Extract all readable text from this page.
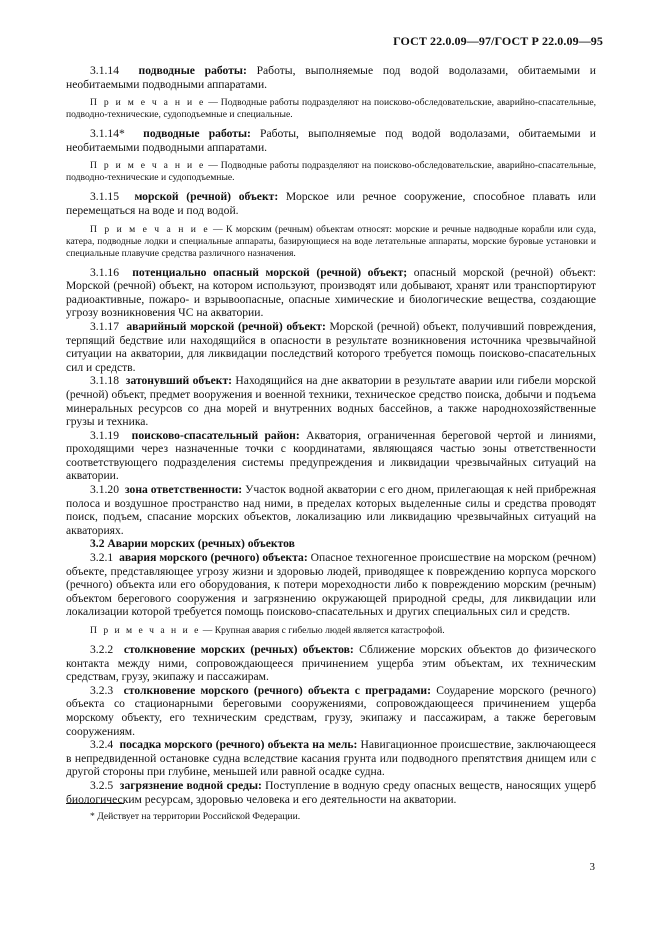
ГОСТ 22.0.09—97/ГОСТ Р 22.0.09—95

3.1.14 подводные работы: Работы, выполняемые под водой водолазами, обитаемыми и необитаемыми подводными аппаратами.

П р и м е ч а н и е — Подводные работы подразделяют на поисково-обследовательские, аварийно-спасательные, подводно-технические, судоподъемные и специальные.

3.1.14* подводные работы: Работы, выполняемые под водой водолазами, обитаемыми и необитаемыми подводными аппаратами.

П р и м е ч а н и е — Подводные работы подразделяют на поисково-обследовательские, аварийно-спасательные, подводно-технические и судоподъемные.

3.1.15 морской (речной) объект: Морское или речное сооружение, способное плавать или перемещаться на воде и под водой.

П р и м е ч а н и е — К морским (речным) объектам относят: морские и речные надводные корабли или суда, катера, подводные лодки и специальные аппараты, базирующиеся на воде летательные аппараты, морские буровые установки и специальные плавучие средства различного назначения.

3.1.16 потенциально опасный морской (речной) объект; опасный морской (речной) объект: Морской (речной) объект, на котором используют, производят или добывают, хранят или транспортируют радиоактивные, пожаро- и взрывоопасные, опасные химические и биологические вещества, создающие угрозу возникновения ЧС на акватории.

3.1.17 аварийный морской (речной) объект: Морской (речной) объект, получивший повреждения, терпящий бедствие или находящийся в опасности в результате возникновения источника чрезвычайной ситуации на акватории, для ликвидации последствий которого требуется помощь поисково-спасательных сил и средств.

3.1.18 затонувший объект: Находящийся на дне акватории в результате аварии или гибели морской (речной) объект, предмет вооружения и военной техники, техническое средство поиска, добычи и подъема минеральных ресурсов со дна морей и внутренних водных бассейнов, а также народнохозяйственные грузы и техника.

3.1.19 поисково-спасательный район: Акватория, ограниченная береговой чертой и линиями, проходящими через назначенные точки с координатами, являющаяся частью зоны ответственности соответствующего подразделения системы предупреждения и ликвидации чрезвычайных ситуаций на акватории.

3.1.20 зона ответственности: Участок водной акватории с его дном, прилегающая к ней прибрежная полоса и воздушное пространство над ними, в пределах которых выделенные силы и средства проводят поиск, подъем, спасание морских объектов, локализацию или ликвидацию чрезвычайных ситуаций на акваториях.

3.2 Аварии морских (речных) объектов

3.2.1 авария морского (речного) объекта: Опасное техногенное происшествие на морском (речном) объекте, представляющее угрозу жизни и здоровью людей, приводящее к повреждению корпуса морского (речного) объекта или его оборудования, к потери мореходности либо к повреждению морским (речным) объектом берегового сооружения и загрязнению окружающей природной среды, для ликвидации или локализации которой требуется помощь поисково-спасательных и других специальных сил и средств.

П р и м е ч а н и е — Крупная авария с гибелью людей является катастрофой.

3.2.2 столкновение морских (речных) объектов: Сближение морских объектов до физического контакта между ними, сопровождающееся причинением ущерба этим объектам, их техническим средствам, грузу, экипажу и пассажирам.

3.2.3 столкновение морского (речного) объекта с преградами: Соударение морского (речного) объекта со стационарными береговыми сооружениями, сопровождающееся причинением ущерба морскому объекту, его техническим средствам, грузу, экипажу и пассажирам, а также береговым сооружениям.

3.2.4 посадка морского (речного) объекта на мель: Навигационное происшествие, заключающееся в непредвиденной остановке судна вследствие касания грунта или подводного препятствия днищем или с другой стороны при глубине, меньшей или равной осадке судна.

3.2.5 загрязнение водной среды: Поступление в водную среду опасных веществ, наносящих ущерб биологическим ресурсам, здоровью человека и его деятельности на акватории.

* Действует на территории Российской Федерации.
3
